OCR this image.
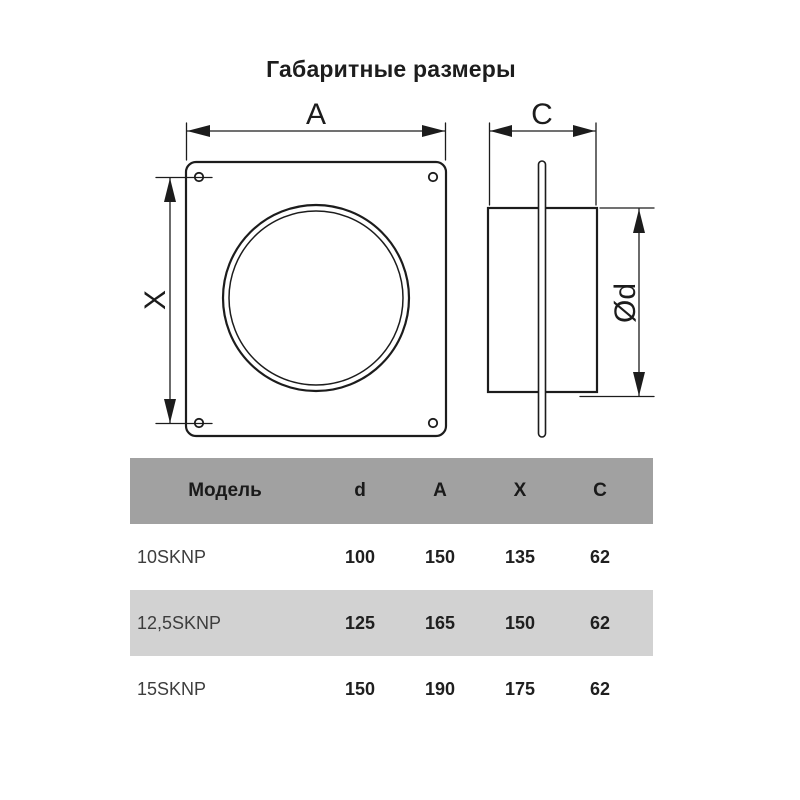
Габаритные размеры
A
X
C
Ød
Модель	d	A	X	C
10SKNP	100	150	135	62
12,5SKNP	125	165	150	62
15SKNP	150	190	175	62
